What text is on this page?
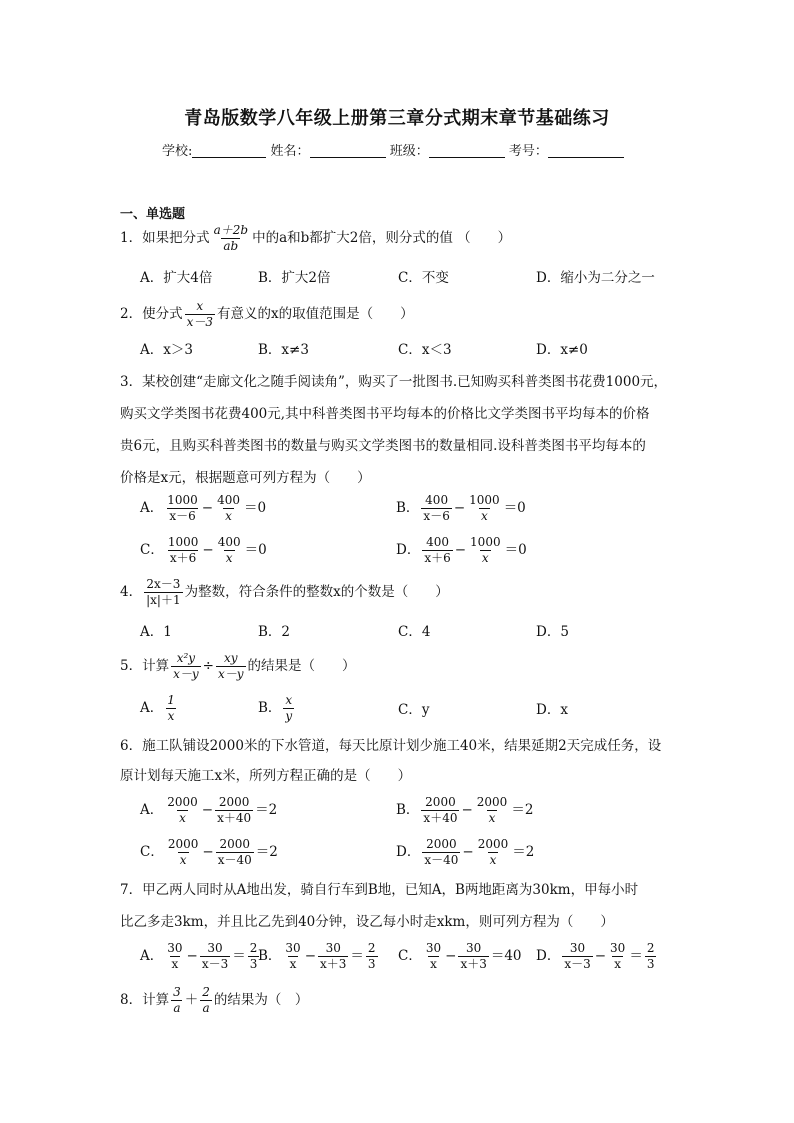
青岛版数学八年级上册第三章分式期末章节基础练习
学校:	姓名：	班级：	考号：
一、单选题
1．如果把分式 $\frac{a+2b}{ab}$ 中的a和b都扩大2倍，则分式的值 （　　）
A．扩大4倍	B．扩大2倍	C．不变	D．缩小为二分之一
2．使分式 $\frac{x}{x-3}$ 有意义的x的取值范围是（　　）
A．x＞3	B．x≠3	C．x＜3	D．x≠0
3．某校创建“走廊文化之随手阅读角”，购买了一批图书.已知购买科普类图书花费1000元，
购买文学类图书花费400元,其中科普类图书平均每本的价格比文学类图书平均每本的价格
贵6元，且购买科普类图书的数量与购买文学类图书的数量相同.设科普类图书平均每本的
价格是x元，根据题意可列方程为（　　）
A． $\frac{1000}{x-6} - \frac{400}{x} =0$	B． $\frac{400}{x-6} - \frac{1000}{x} =0$
C． $\frac{1000}{x+6} - \frac{400}{x} =0$	D． $\frac{400}{x+6} - \frac{1000}{x} =0$
4． $\frac{2x-3}{|x|+1}$ 为整数，符合条件的整数x的个数是（　　）
A．1	B．2	C．4	D．5
5．计算 $\frac{\text{x²y}}{x-y} \div \frac{xy}{x-y}$ 的结果是（　　）
A． $\frac{1}{x}$	B． $\frac{x}{y}$	C．y	D．x
6．施工队铺设2000米的下水管道，每天比原计划少施工40米，结果延期2天完成任务，设
原计划每天施工x米，所列方程正确的是（　　）
A． $\frac{2000}{x} - \frac{2000}{x+40} =2$	B． $\frac{2000}{x+40} - \frac{2000}{x} =2$
C． $\frac{2000}{x} - \frac{2000}{x-40} =2$	D． $\frac{2000}{x-40} - \frac{2000}{x} =2$
7．甲乙两人同时从A地出发，骑自行车到B地，已知A，B两地距离为30km，甲每小时
比乙多走3km，并且比乙先到40分钟，设乙每小时走xkm，则可列方程为（　　）
A． $\frac{30}{x} - \frac{30}{x-3} = \frac{2}{3}$
B． $\frac{30}{x} - \frac{30}{x+3} = \frac{2}{3}$ C． $\frac{30}{x} - \frac{30}{x+3} =40$ D． $\frac{30}{x-3} - \frac{30}{x} = \frac{2}{3}$
8．计算 $\frac{3}{a} + \frac{2}{a}$ 的结果为（　）
